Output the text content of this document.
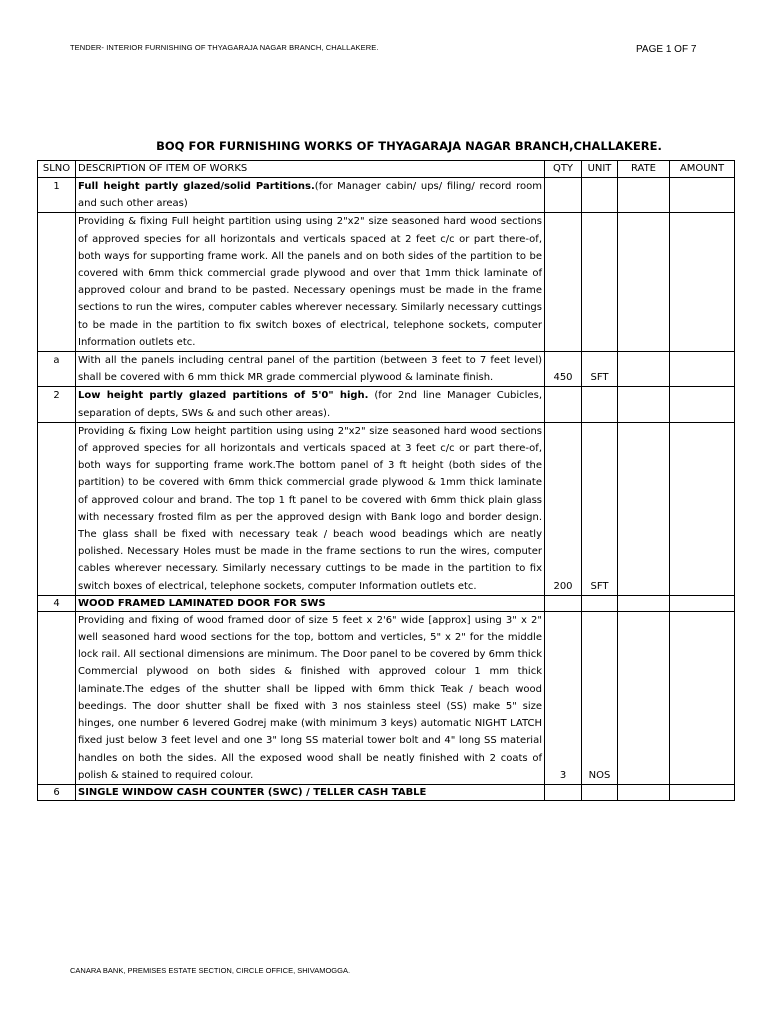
TENDER- INTERIOR FURNISHING OF THYAGARAJA NAGAR BRANCH, CHALLAKERE.	PAGE 1 OF 7
BOQ FOR FURNISHING WORKS OF THYAGARAJA NAGAR BRANCH,CHALLAKERE.
SLNO	DESCRIPTION OF ITEM OF WORKS	QTY	UNIT	RATE	AMOUNT
1	Full height partly glazed/solid Partitions.(for Manager cabin/ ups/ filing/ record room and such other areas)				
	Providing & fixing Full height partition using using 2"x2" size seasoned hard wood sections of approved species for all horizontals and verticals spaced at 2 feet c/c or part there-of, both ways for supporting frame work. All the panels and on both sides of the partition to be covered with 6mm thick commercial grade plywood and over that 1mm thick laminate of approved colour and brand to be pasted. Necessary openings must be made in the frame sections to run the wires, computer cables wherever necessary. Similarly necessary cuttings to be made in the partition to fix switch boxes of electrical, telephone sockets, computer Information outlets etc.				
a	With all the panels including central panel of the partition (between 3 feet to 7 feet level) shall be covered with 6 mm thick MR grade commercial plywood & laminate finish.	450	SFT		
2	Low height partly glazed partitions of 5'0" high. (for 2nd line Manager Cubicles, separation of depts, SWs & and such other areas).				
	Providing & fixing Low height partition using using 2"x2" size seasoned hard wood sections of approved species for all horizontals and verticals spaced at 3 feet c/c or part there-of, both ways for supporting frame work.The bottom panel of 3 ft height (both sides of the partition) to be covered with 6mm thick commercial grade plywood & 1mm thick laminate of approved colour and brand. The top 1 ft panel to be covered with 6mm thick plain glass with necessary frosted film as per the approved design with Bank logo and border design. The glass shall be fixed with necessary teak / beach wood beadings which are neatly polished. Necessary Holes must be made in the frame sections to run the wires, computer cables wherever necessary. Similarly necessary cuttings to be made in the partition to fix switch boxes of electrical, telephone sockets, computer Information outlets etc.	200	SFT		
4	WOOD FRAMED LAMINATED DOOR FOR SWS				
	Providing and fixing of wood framed door of size 5 feet x 2'6" wide [approx] using 3" x 2" well seasoned hard wood sections for the top, bottom and verticles, 5" x 2" for the middle lock rail. All sectional dimensions are minimum. The Door panel to be covered by 6mm thick Commercial plywood on both sides & finished with approved colour 1 mm thick laminate.The edges of the shutter shall be lipped with 6mm thick Teak / beach wood beedings. The door shutter shall be fixed with 3 nos stainless steel (SS) make 5" size hinges, one number 6 levered Godrej make (with minimum 3 keys) automatic NIGHT LATCH fixed just below 3 feet level and one 3" long SS material tower bolt and 4" long SS material handles on both the sides. All the exposed wood shall be neatly finished with 2 coats of polish & stained to required colour.	3	NOS		
6	SINGLE WINDOW CASH COUNTER (SWC) / TELLER CASH TABLE				
CANARA BANK, PREMISES ESTATE SECTION, CIRCLE OFFICE, SHIVAMOGGA.
